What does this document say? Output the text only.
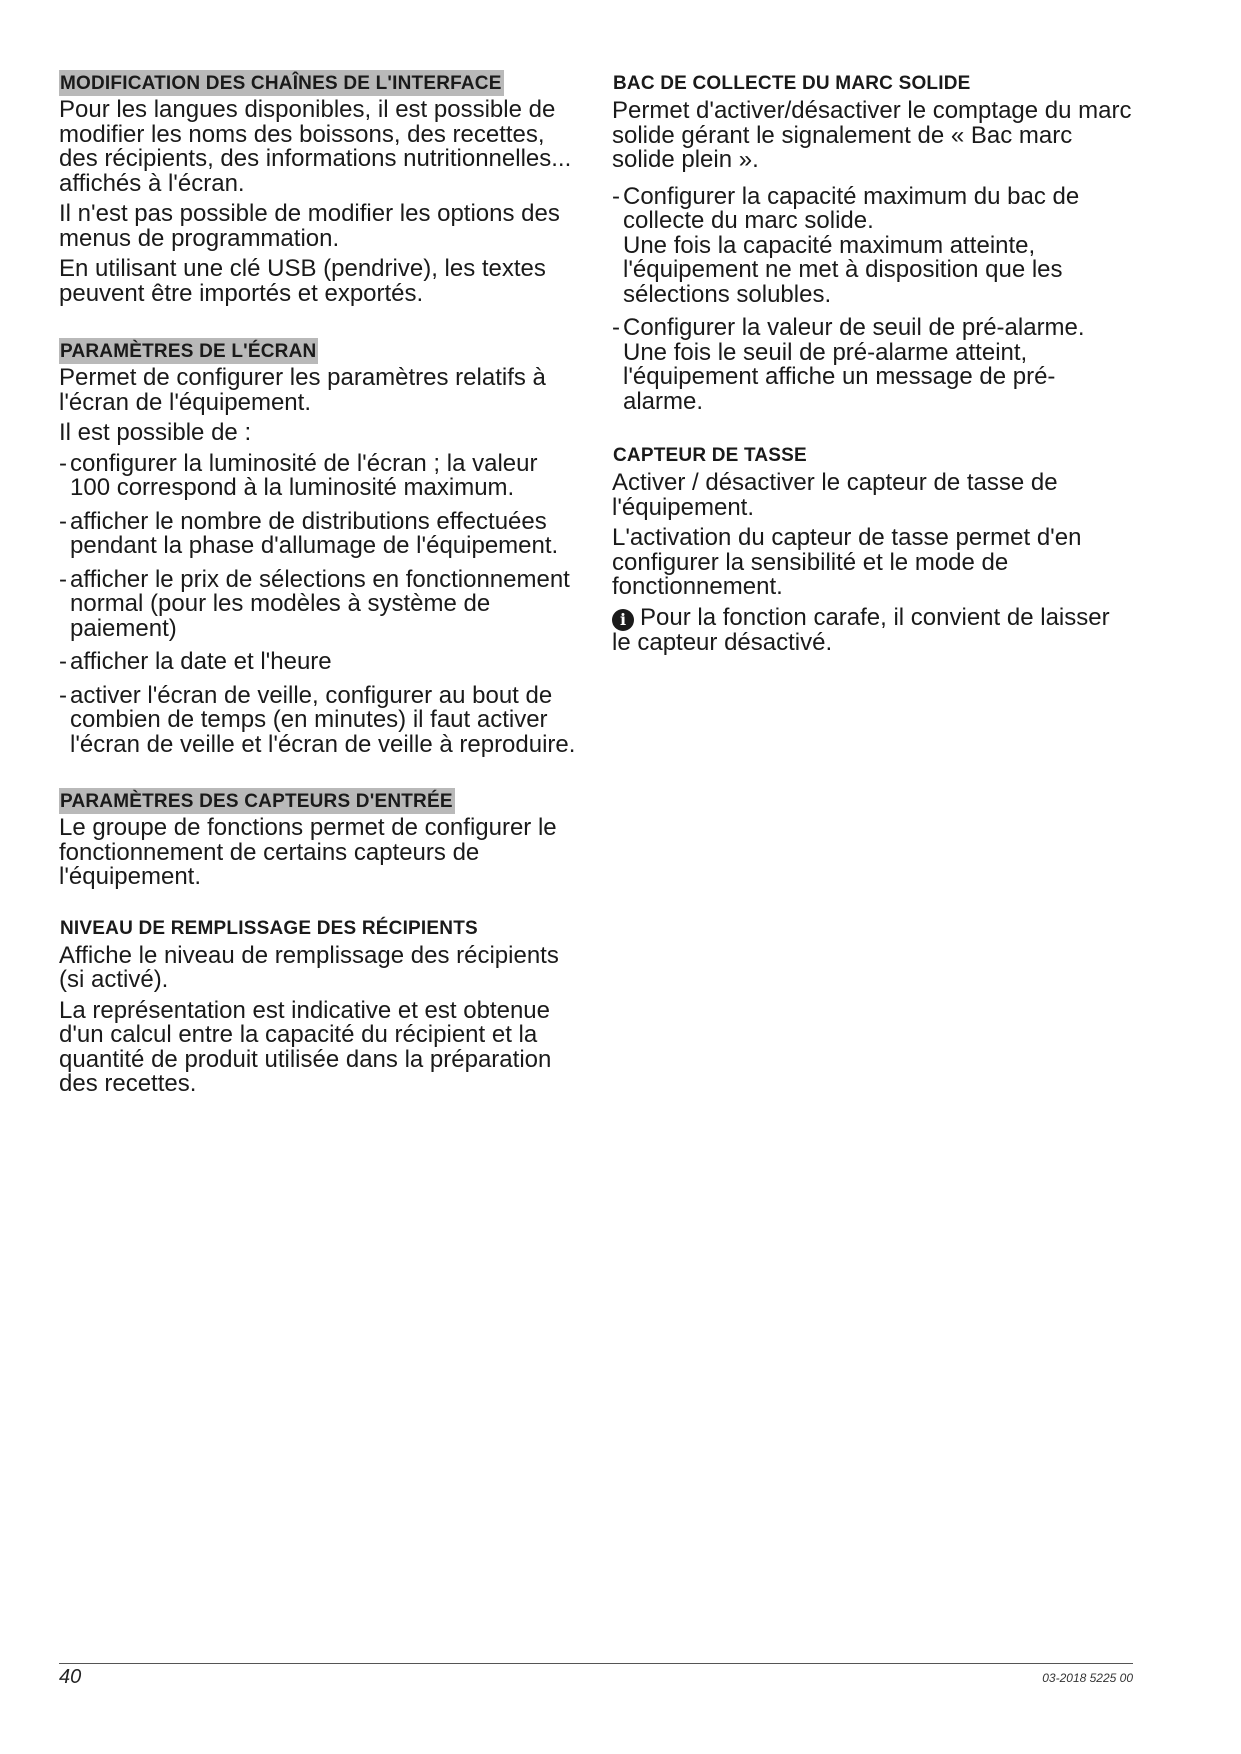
MODIFICATION DES CHAÎNES DE L'INTERFACE

Pour les langues disponibles, il est possible de modifier les noms des boissons, des recettes, des récipients, des informations nutritionnelles... affichés à l'écran.

Il n'est pas possible de modifier les options des menus de programmation.

En utilisant une clé USB (pendrive), les textes peuvent être importés et exportés.

PARAMÈTRES DE L'ÉCRAN

Permet de configurer les paramètres relatifs à l'écran de l'équipement.

Il est possible de :

- configurer la luminosité de l'écran ; la valeur 100 correspond à la luminosité maximum.
- afficher le nombre de distributions effectuées pendant la phase d'allumage de l'équipement.
- afficher le prix de sélections en fonctionnement normal (pour les modèles à système de paiement)
- afficher la date et l'heure
- activer l'écran de veille, configurer au bout de combien de temps (en minutes) il faut activer l'écran de veille et l'écran de veille à reproduire.
PARAMÈTRES DES CAPTEURS D'ENTRÉE

Le groupe de fonctions permet de configurer le fonctionnement de certains capteurs de l'équipement.

NIVEAU DE REMPLISSAGE DES RÉCIPIENTS

Affiche le niveau de remplissage des récipients (si activé).

La représentation est indicative et est obtenue d'un calcul entre la capacité du récipient et la quantité de produit utilisée dans la préparation des recettes.

BAC DE COLLECTE DU MARC SOLIDE

Permet d'activer/désactiver le comptage du marc solide gérant le signalement de « Bac marc solide plein ».

- Configurer la capacité maximum du bac de collecte du marc solide.

Une fois la capacité maximum atteinte, l'équipement ne met à disposition que les sélections solubles.

- Configurer la valeur de seuil de pré-alarme.

Une fois le seuil de pré-alarme atteint, l'équipement affiche un message de pré-alarme.

CAPTEUR DE TASSE

Activer / désactiver le capteur de tasse de l'équipement.

L'activation du capteur de tasse permet d'en configurer la sensibilité et le mode de fonctionnement.

i Pour la fonction carafe, il convient de laisser le capteur désactivé.

40	03-2018 5225 00
